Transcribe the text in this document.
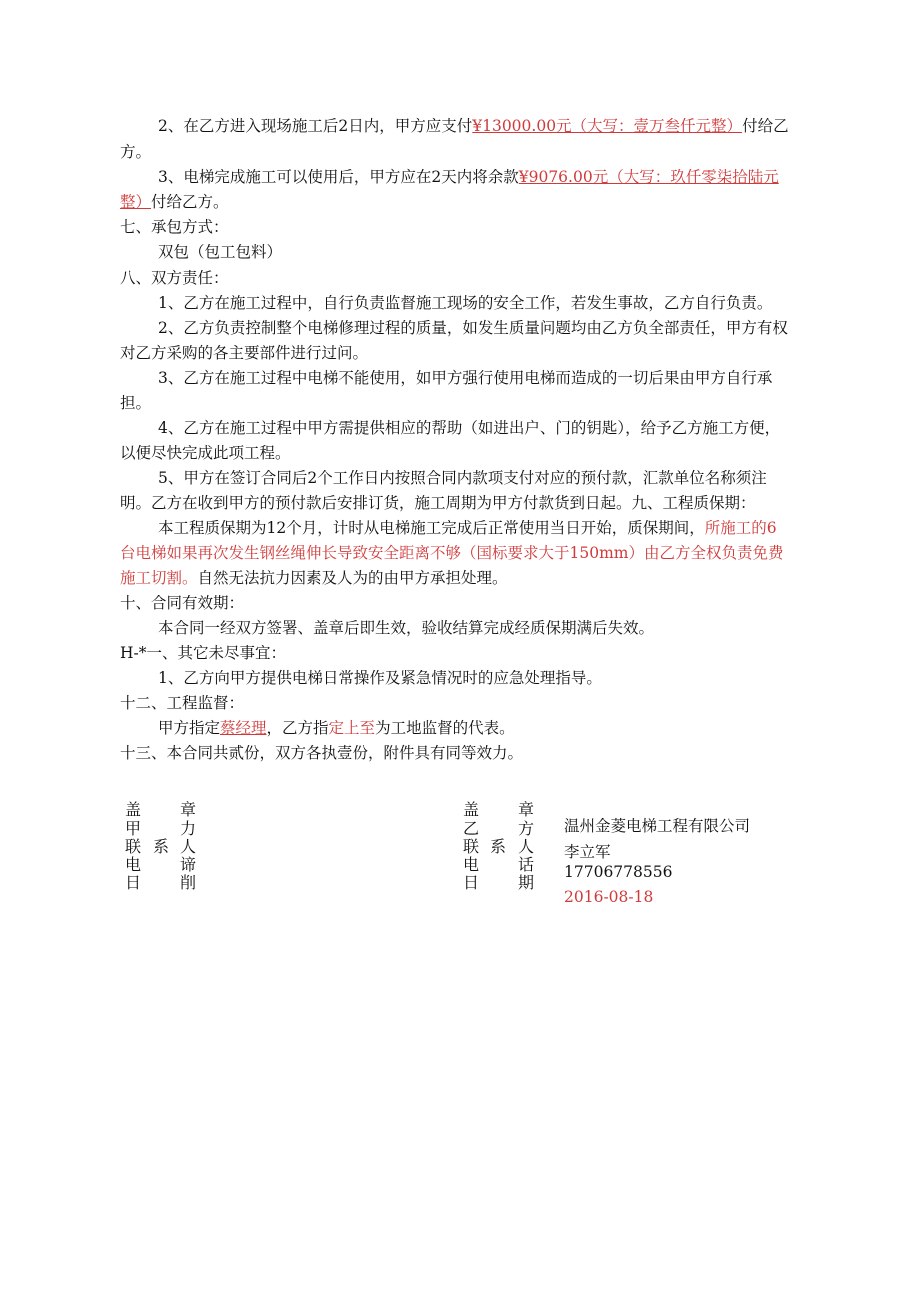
2、在乙方进入现场施工后2日内，甲方应支付¥13000.00元（大写：壹万叁仟元整）付给乙
方。
3、电梯完成施工可以使用后，甲方应在2天内将余款¥9076.00元（大写：玖仟零柒拾陆元
整）付给乙方。
七、承包方式：
双包（包工包料）
八、双方责任：
1、乙方在施工过程中，自行负责监督施工现场的安全工作，若发生事故，乙方自行负责。
2、乙方负责控制整个电梯修理过程的质量，如发生质量问题均由乙方负全部责任，甲方有权
对乙方采购的各主要部件进行过问。
3、乙方在施工过程中电梯不能使用，如甲方强行使用电梯而造成的一切后果由甲方自行承
担。
4、乙方在施工过程中甲方需提供相应的帮助（如进出户、门的钥匙），给予乙方施工方便，
以便尽快完成此项工程。
5、甲方在签订合同后2个工作日内按照合同内款项支付对应的预付款，汇款单位名称须注
明。乙方在收到甲方的预付款后安排订货，施工周期为甲方付款货到日起。九、工程质保期：
本工程质保期为12个月，计时从电梯施工完成后正常使用当日开始，质保期间，所施工的6
台电梯如果再次发生钢丝绳伸长导致安全距离不够（国标要求大于150mm）由乙方全权负责免费
施工切割。自然无法抗力因素及人为的由甲方承担处理。
十、合同有效期：
本合同一经双方签署、盖章后即生效，验收结算完成经质保期满后失效。
H-*一、其它未尽事宜：
1、乙方向甲方提供电梯日常操作及紧急情况时的应急处理指导。
十二、工程监督：
甲方指定蔡经理，乙方指定上至为工地监督的代表。
十三、本合同共贰份，双方各执壹份，附件具有同等效力。
盖
甲
联
电
日
系
章
力
人
谛
削
盖
乙
联
电
日
系
章
方
人
话
期
温州金菱电梯工程有限公司
李立军
17706778556
2016-08-18
